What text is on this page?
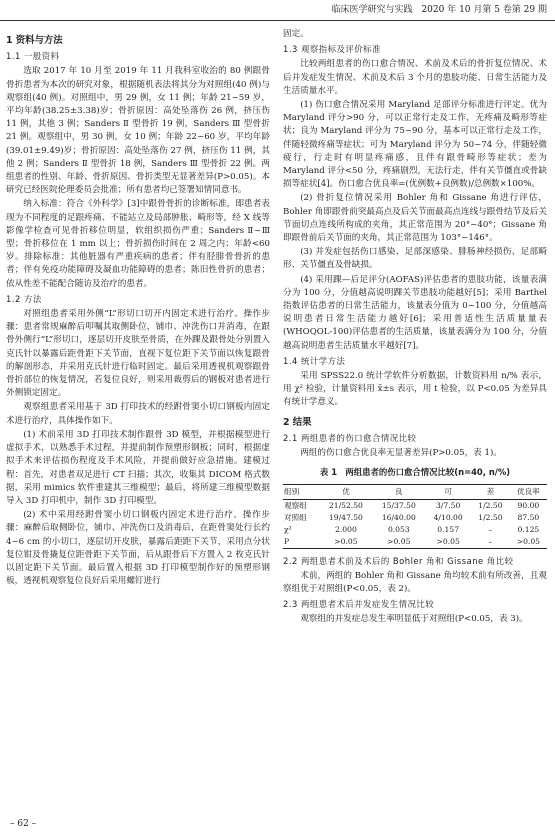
临床医学研究与实践　2020 年 10 月第 5 卷第 29 期
1 资料与方法
1.1 一般资料

选取 2017 年 10 月至 2019 年 11 月我科室收治的 80 例跟骨骨折患者为本次的研究对象，根据随机表法将其分为对照组(40 例)与观察组(40 例)。对照组中，男 29 例，女 11 例；年龄 21~59 岁，平均年龄(38.25±3.38)岁；骨折原因：高处坠落伤 26 例，挤压伤 11 例，其他 3 例；Sanders Ⅱ 型骨折 19 例，Sanders Ⅲ 型骨折 21 例。观察组中，男 30 例，女 10 例；年龄 22~60 岁，平均年龄(39.01±9.49)岁；骨折原因：高处坠落伤 27 例，挤压伤 11 例，其他 2 例；Sanders Ⅱ 型骨折 18 例，Sanders Ⅲ 型骨折 22 例。两组患者的性别、年龄、骨折原因、骨折类型无显著差异(P>0.05)。本研究已经医院伦理委员会批准；所有患者均已签署知情同意书。

纳入标准：符合《外科学》[3]中跟骨骨折的诊断标准，即患者表现为不同程度的足跟疼痛、不能站立及局部肿胀、畸形等，经 X 线等影像学检查可见骨折移位明显，软组织损伤严重；Sanders Ⅱ~Ⅲ 型；骨折移位在 1 mm 以上；骨折损伤时间在 2 周之内；年龄<60 岁。排除标准：其他脏器有严重疾病的患者；伴有胫腓骨骨折的患者；伴有免疫功能障碍及凝血功能障碍的患者；陈旧性骨折的患者；依从性差不能配合随访及治疗的患者。

1.2 方法

对照组患者采用外侧“L”形切口切开内固定术进行治疗。操作步骤：患者常规麻醉后叩嘱其取侧卧位，铺巾、冲洗伤口并消毒，在跟骨外侧行“L”形切口，逐层切开皮肤至骨质，在外踝及跟骨处分别置入克氏针以暴露后距骨距下关节面，直视下复位距下关节面以恢复跟骨的解剖形态，并采用克氏针进行临时固定。最后采用透视机观察跟骨骨折部位的恢复情况，若复位良好，则采用裁剪后的钢板对患者进行外侧锁定固定。

观察组患者采用基于 3D 打印技术的经跗骨窦小切口钢板内固定术进行治疗，具体操作如下。

(1) 术前采用 3D 打印技术制作跟骨 3D 模型，并根据模型进行虚拟手术，以熟悉手术过程，并提前制作预塑形钢板；同时，根据虚拟手术来评估损伤程度及手术风险，并提前做好应急措施。建模过程：首先，对患者双足进行 CT 扫描；其次，收集其 DICOM 格式数据，采用 mimics 软件重建其三维模型；最后，将所建三维模型数据导入 3D 打印机中，制作 3D 打印模型。

(2) 术中采用经跗骨窦小切口钢板内固定术进行治疗，操作步骤：麻醉后取侧卧位，铺巾、冲洗伤口及消毒后，在距骨窦处行长约 4~6 cm 的小切口，逐层切开皮肤，暴露后距距下关节，采用点分状复位钳及骨撬复位距骨距下关节面，后从跟骨后下方置入 2 枚克氏针以固定距下关节面。最后置入根据 3D 打印模型制作好的预塑形钢板，透视机观察复位良好后采用螺钉进行

固定。

1.3 观察指标及评价标准

比较两组患者的伤口愈合情况、术前及术后的骨折复位情况、术后并发症发生情况、术前及术后 3 个月的患肢功能、日常生活能力及生活质量水平。

(1) 伤口愈合情况采用 Maryland 足部评分标准进行评定。优为 Maryland 评分>90 分，可以正常行走及工作，无疼痛及畸形等症状；良为 Maryland 评分为 75~90 分，基本可以正常行走及工作，伴随轻微疼痛等症状；可为 Maryland 评分为 50~74 分，伴随轻微疲行，行走时有明显疼痛感，且伴有跟骨畸形等症状；差为 Maryland 评分<50 分，疼痛剧烈，无法行走，伴有关节僵直或骨缺损等症状[4]。伤口愈合优良率=(优例数+良例数)/总例数×100%。

(2) 骨折复位情况采用 Bohler 角和 Gissane 角进行评估，Bohler 角即跟骨前突最高点及后关节面最高点连线与跟骨结节及后关节面切点连线所构成的夹角，其正常范围为 20°~40°；Gissane 角即跟骨前后关节面的夹角，其正常范围为 103°~146°。

(3) 并发症包括伤口感染、足部深感染、腓肠神经损伤、足部畸形、关节僵直及骨缺损。

(4) 采用踝—后足评分(AOFAS)评估患者的患肢功能，该量表满分为 100 分，分值越高说明踝关节患肢功能越好[5]；采用 Barthel 指数评估患者的日常生活能力，该量表分值为 0~100 分，分值越高说明患者日常生活能力越好[6]；采用普适性生活质量量表(WHOQOL-100)评估患者的生活质量，该量表满分为 100 分，分值越高说明患者生活质量水平越好[7]。

1.4 统计学方法

采用 SPSS22.0 统计学软件分析数据，计数资料用 n/% 表示，用 χ² 检验，计量资料用 x̄±s 表示，用 t 检验，以 P<0.05 为差异具有统计学意义。

2 结果
2.1 两组患者的伤口愈合情况比较

两组的伤口愈合优良率无显著差异(P>0.05，表 1)。

表 1　两组患者的伤口愈合情况比较(n=40, n/%)
组别	优	良	可	差	优良率
观察组	21/52.50	15/37.50	3/7.50	1/2.50	90.00
对照组	19/47.50	16/40.00	4/10.00	1/2.50	87.50
χ²	2.000	0.053	0.157	–	0.125
P	>0.05	>0.05	>0.05	–	>0.05
2.2 两组患者术前及术后的 Bohler 角和 Gissane 角比较

术前，两组的 Bohler 角和 Gissane 角均较术前有所改善，且观察组优于对照组(P<0.05，表 2)。

2.3 两组患者术后并发症发生情况比较

观察组的并发症总发生率明显低于对照组(P<0.05，表 3)。

– 62 –
